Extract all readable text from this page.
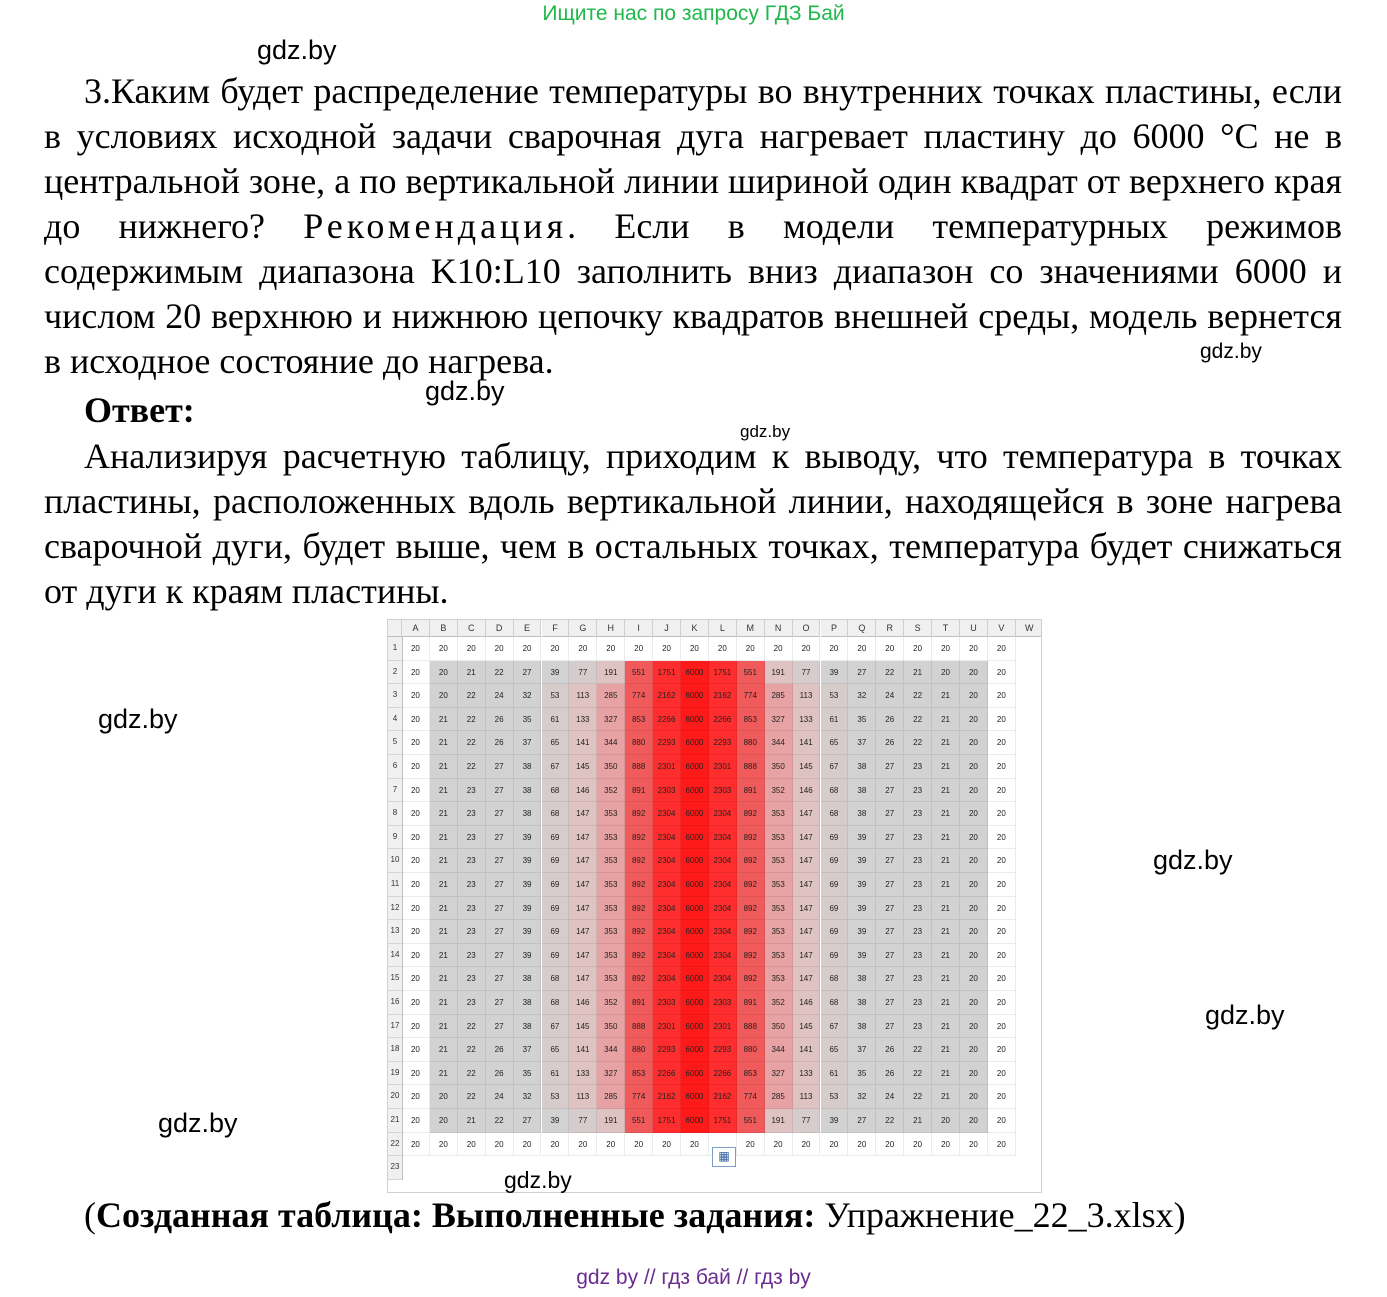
Ищите нас по запросу ГДЗ Бай
gdz.by

3.Каким будет распределение температуры во внутренних точках пластины, если в условиях исходной задачи сварочная дуга нагревает пластину до 6000 °С не в центральной зоне, а по вертикальной линии шириной один квадрат от верхнего края до нижнего? Рекомендация. Если в модели температурных режимов содержимым диапазона K10:L10 заполнить вниз диапазон со значениями 6000 и числом 20 верхнюю и нижнюю цепочку квадратов внешней среды, модель вернется в исходное состояние до нагрева.	gdz.by
gdz.by
Ответ:
gdz.by

Анализируя расчетную таблицу, приходим к выводу, что температура в точках пластины, расположенных вдоль вертикальной линии, находящейся в зоне нагрева сварочной дуги, будет выше, чем в остальных точках, температура будет снижаться от дуги к краям пластины.

gdz.by
gdz.by
gdz.by
gdz.by
A	B	C	D	E	F	G	H	I	J	K	L	M	N	O	P	Q	R	S	T	U	V	W
1	20	20	20	20	20	20	20	20	20	20	20	20	20	20	20	20	20	20	20	20	20	20
2	20	20	21	22	27	39	77	191	551	1751	6000	1751	551	191	77	39	27	22	21	20	20	20
3	20	20	22	24	32	53	113	285	774	2162	6000	2162	774	285	113	53	32	24	22	21	20	20
4	20	21	22	26	35	61	133	327	853	2266	6000	2266	853	327	133	61	35	26	22	21	20	20
5	20	21	22	26	37	65	141	344	880	2293	6000	2293	880	344	141	65	37	26	22	21	20	20
6	20	21	22	27	38	67	145	350	888	2301	6000	2301	888	350	145	67	38	27	23	21	20	20
7	20	21	23	27	38	68	146	352	891	2303	6000	2303	891	352	146	68	38	27	23	21	20	20
8	20	21	23	27	38	68	147	353	892	2304	6000	2304	892	353	147	68	38	27	23	21	20	20
9	20	21	23	27	39	69	147	353	892	2304	6000	2304	892	353	147	69	39	27	23	21	20	20
10	20	21	23	27	39	69	147	353	892	2304	6000	2304	892	353	147	69	39	27	23	21	20	20
11	20	21	23	27	39	69	147	353	892	2304	6000	2304	892	353	147	69	39	27	23	21	20	20
12	20	21	23	27	39	69	147	353	892	2304	6000	2304	892	353	147	69	39	27	23	21	20	20
13	20	21	23	27	39	69	147	353	892	2304	6000	2304	892	353	147	69	39	27	23	21	20	20
14	20	21	23	27	39	69	147	353	892	2304	6000	2304	892	353	147	69	39	27	23	21	20	20
15	20	21	23	27	38	68	147	353	892	2304	6000	2304	892	353	147	68	38	27	23	21	20	20
16	20	21	23	27	38	68	146	352	891	2303	6000	2303	891	352	146	68	38	27	23	21	20	20
17	20	21	22	27	38	67	145	350	888	2301	6000	2301	888	350	145	67	38	27	23	21	20	20
18	20	21	22	26	37	65	141	344	880	2293	6000	2293	880	344	141	65	37	26	22	21	20	20
19	20	21	22	26	35	61	133	327	853	2266	6000	2266	853	327	133	61	35	26	22	21	20	20
20	20	20	22	24	32	53	113	285	774	2162	6000	2162	774	285	113	53	32	24	22	21	20	20
21	20	20	21	22	27	39	77	191	551	1751	6000	1751	551	191	77	39	27	22	21	20	20	20
22	20	20	20	20	20	20	20	20	20	20	20	20	20	20	20	20	20	20	20	20	20
23
▦
gdz.by
(Созданная таблица: Выполненные задания: Упражнение_22_3.xlsx)
gdz by // гдз бай // гдз by
